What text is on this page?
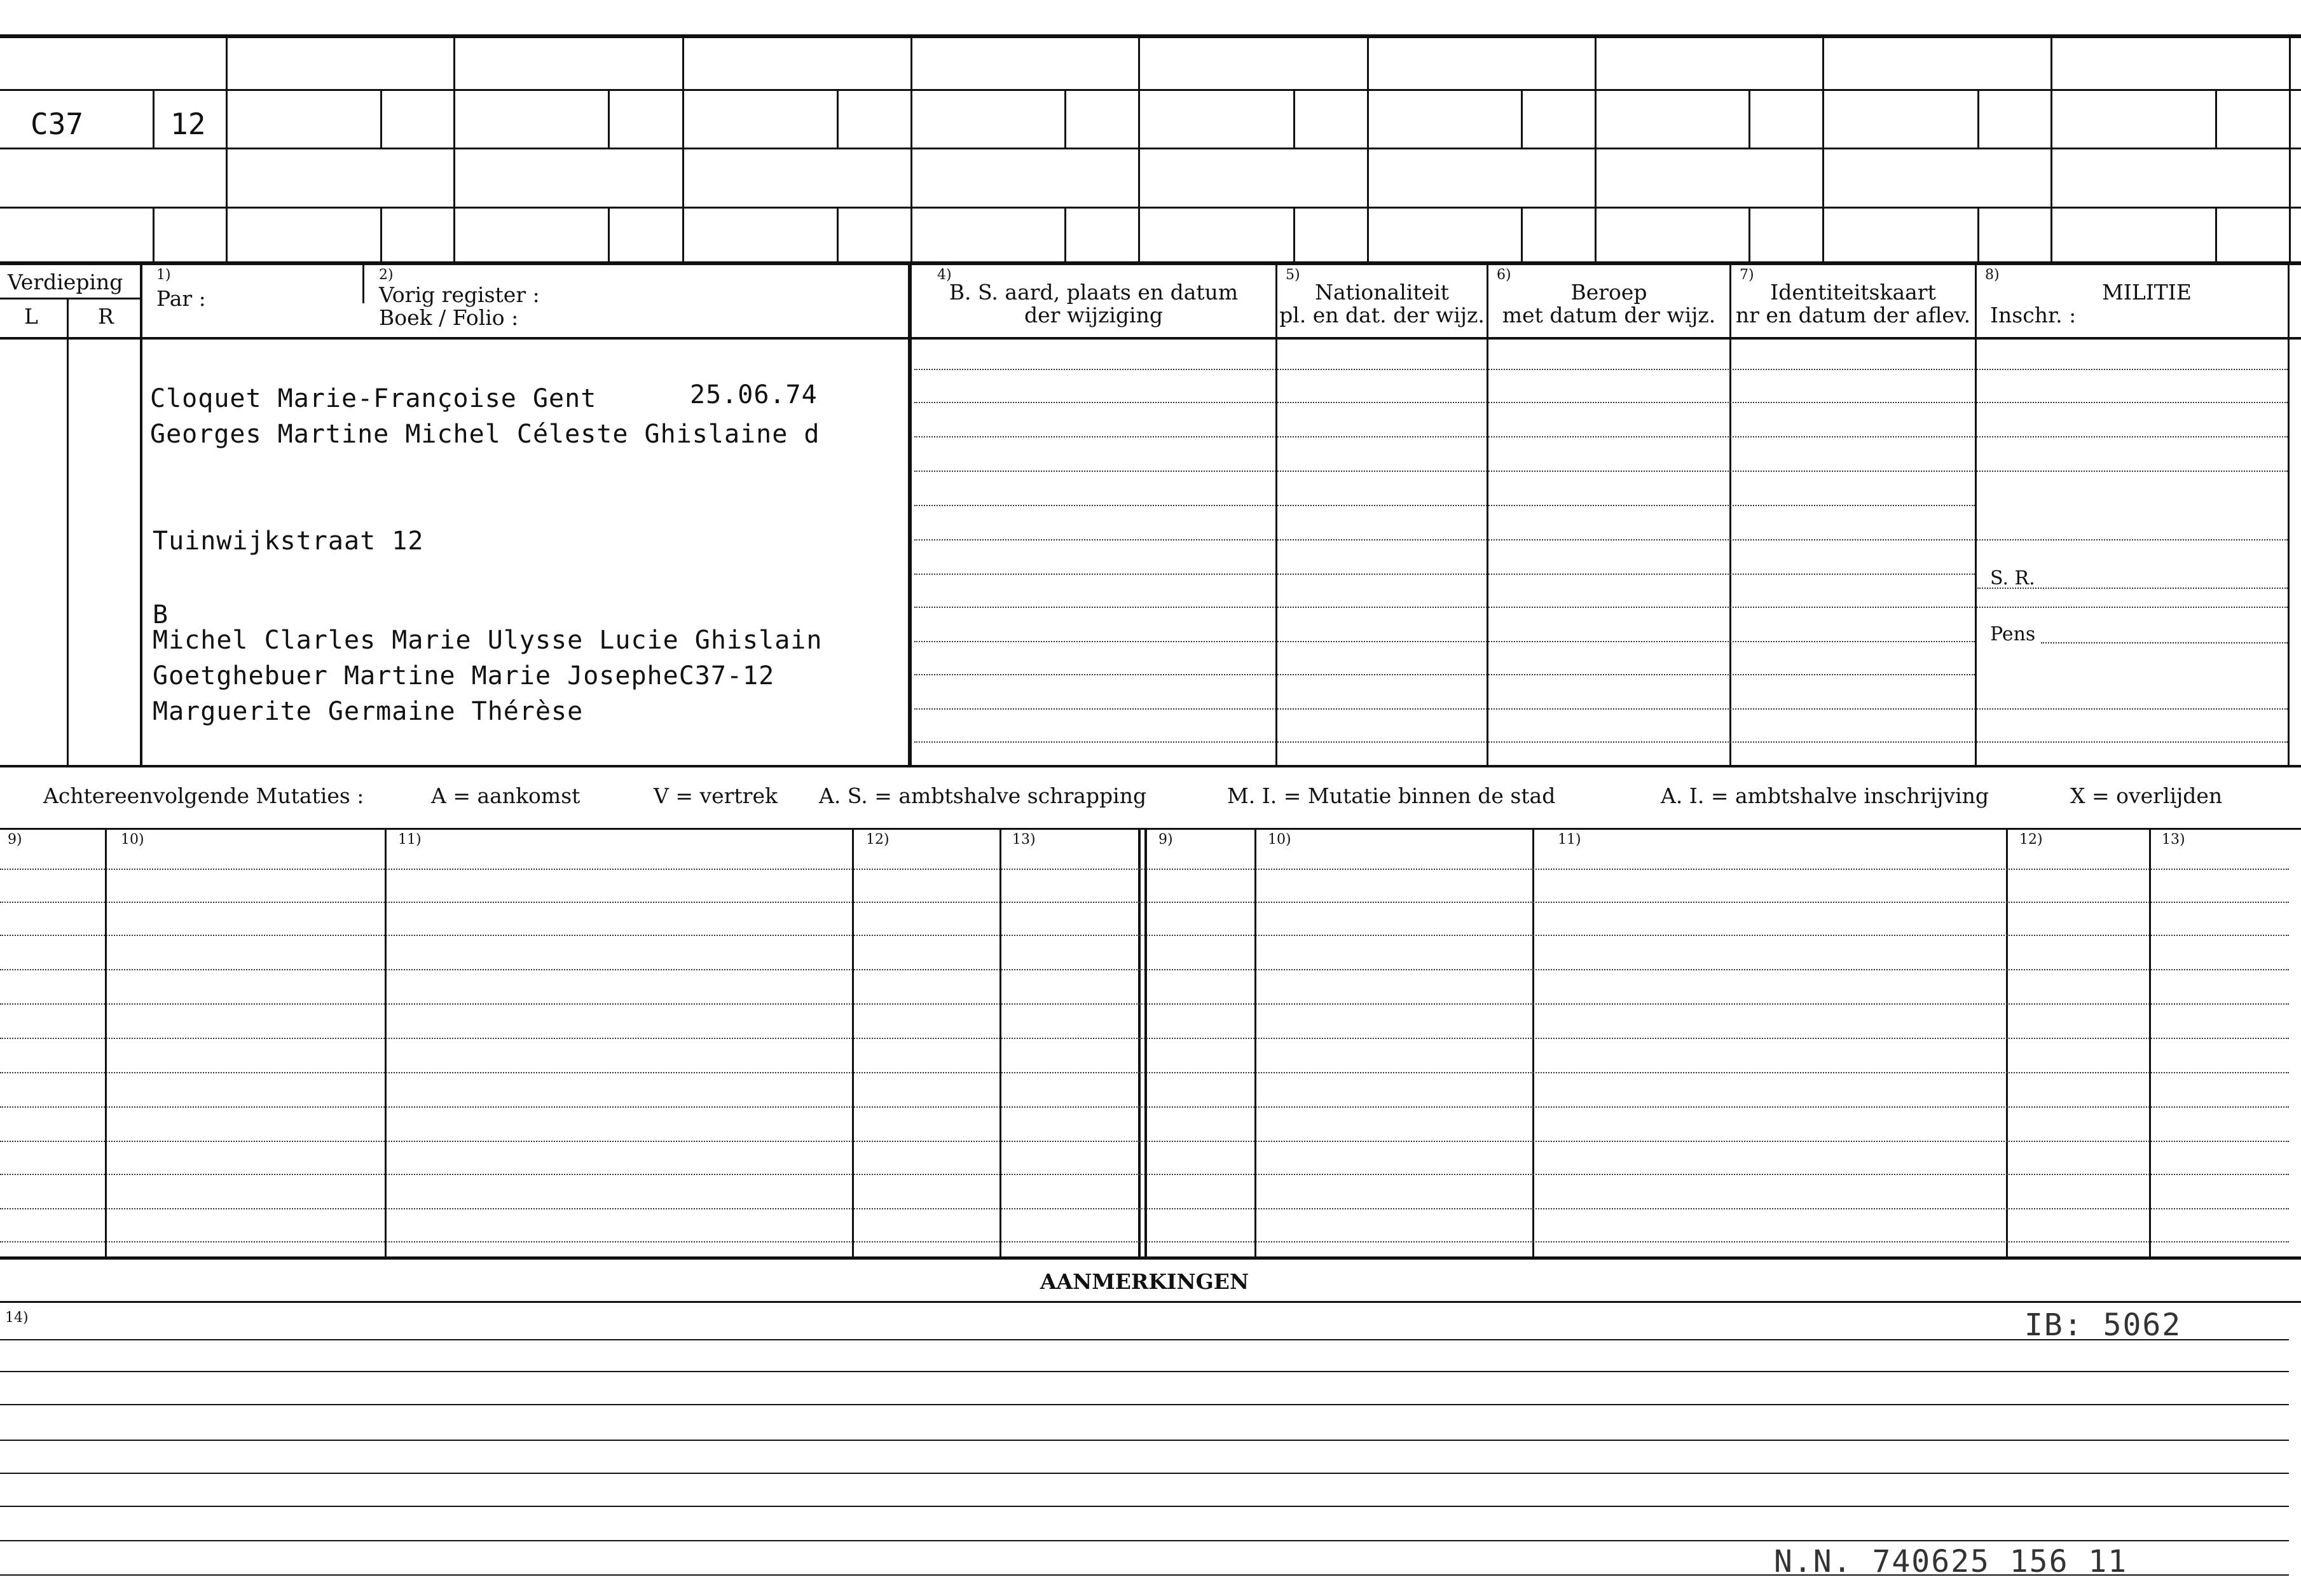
C37	12
Verdieping
L	R
1)
Par :
2)
Vorig register :
Boek / Folio :
4)
B. S. aard, plaats en datum
der wijziging
5)
Nationaliteit
pl. en dat. der wijz.
6)
Beroep
met datum der wijz.
7)
Identiteitskaart
nr en datum der aflev.
8)
MILITIE
Inschr. :
S. R.
Pens
Cloquet Marie-Françoise Gent	25.06.74
Georges Martine Michel Céleste Ghislaine d
Tuinwijkstraat 12
B
Michel Clarles Marie Ulysse Lucie Ghislain
Goetghebuer Martine Marie JosepheC37-12
Marguerite Germaine Thérèse
Achtereenvolgende Mutaties :	A = aankomst	V = vertrek A. S. = ambtshalve schrapping	M. I. = Mutatie binnen de stad	A. I. = ambtshalve inschrijving	X = overlijden
9)	10)	11)	12)	13)	9)	10)	11)	12)	13)
AANMERKINGEN
14)	IB: 5062
N.N. 740625 156 11
